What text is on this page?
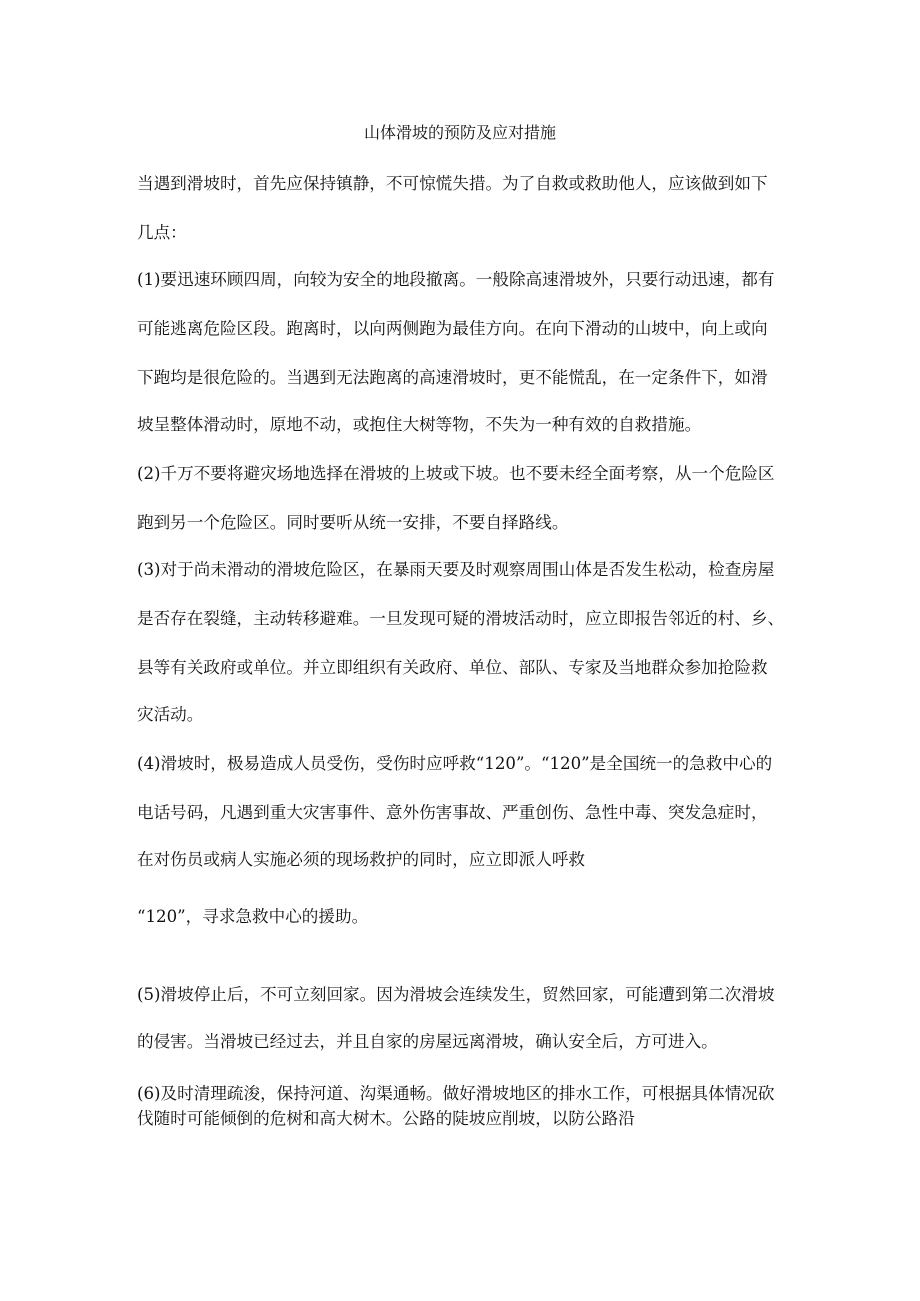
山体滑坡的预防及应对措施
当遇到滑坡时，首先应保持镇静，不可惊慌失措。为了自救或救助他人，应该做到如下
几点：
(1)要迅速环顾四周，向较为安全的地段撤离。一般除高速滑坡外，只要行动迅速，都有
可能逃离危险区段。跑离时，以向两侧跑为最佳方向。在向下滑动的山坡中，向上或向
下跑均是很危险的。当遇到无法跑离的高速滑坡时，更不能慌乱，在一定条件下，如滑
坡呈整体滑动时，原地不动，或抱住大树等物，不失为一种有效的自救措施。
(2)千万不要将避灾场地选择在滑坡的上坡或下坡。也不要未经全面考察，从一个危险区
跑到另一个危险区。同时要听从统一安排，不要自择路线。
(3)对于尚未滑动的滑坡危险区，在暴雨天要及时观察周围山体是否发生松动，检查房屋
是否存在裂缝，主动转移避难。一旦发现可疑的滑坡活动时，应立即报告邻近的村、乡、
县等有关政府或单位。并立即组织有关政府、单位、部队、专家及当地群众参加抢险救
灾活动。
(4)滑坡时，极易造成人员受伤，受伤时应呼救“120”。“120”是全国统一的急救中心的
电话号码，凡遇到重大灾害事件、意外伤害事故、严重创伤、急性中毒、突发急症时，
在对伤员或病人实施必须的现场救护的同时，应立即派人呼救
“120”，寻求急救中心的援助。
(5)滑坡停止后，不可立刻回家。因为滑坡会连续发生，贸然回家，可能遭到第二次滑坡
的侵害。当滑坡已经过去，并且自家的房屋远离滑坡，确认安全后，方可进入。
(6)及时清理疏浚，保持河道、沟渠通畅。做好滑坡地区的排水工作，可根据具体情况砍
伐随时可能倾倒的危树和高大树木。公路的陡坡应削坡，以防公路沿
